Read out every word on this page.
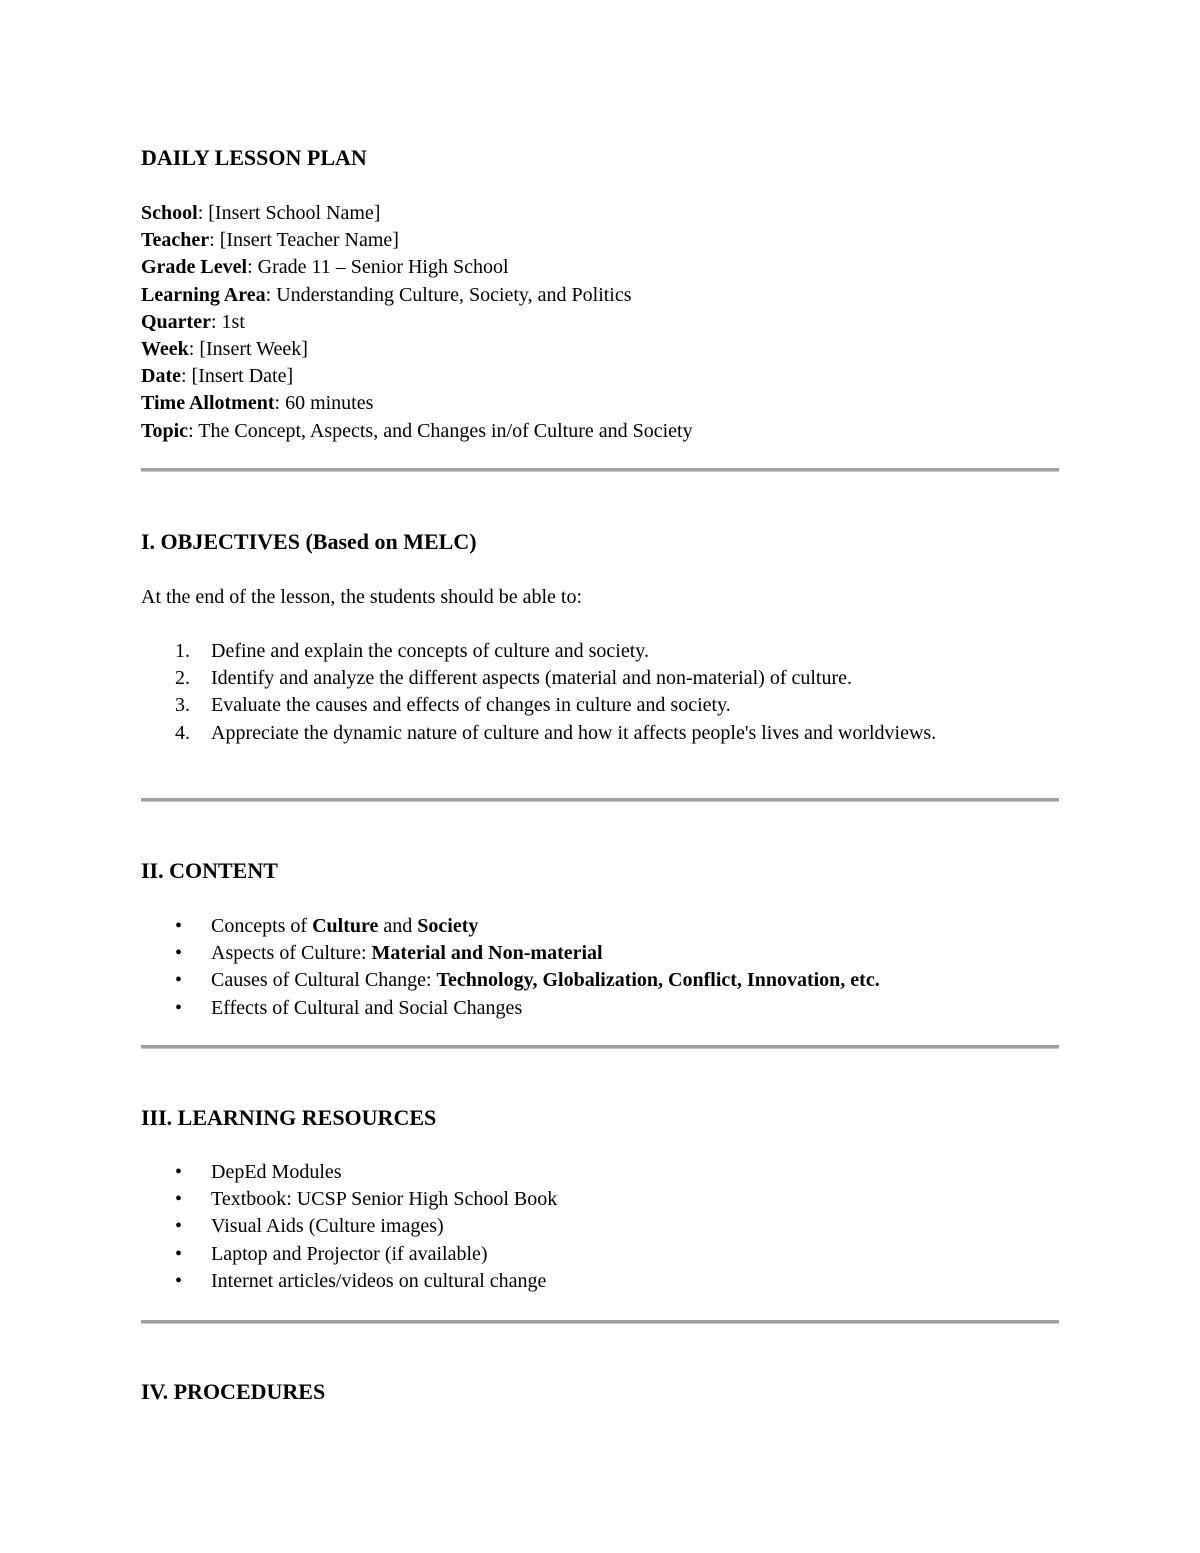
DAILY LESSON PLAN
School: [Insert School Name]
Teacher: [Insert Teacher Name]
Grade Level: Grade 11 – Senior High School
Learning Area: Understanding Culture, Society, and Politics
Quarter: 1st
Week: [Insert Week]
Date: [Insert Date]
Time Allotment: 60 minutes
Topic: The Concept, Aspects, and Changes in/of Culture and Society
I. OBJECTIVES (Based on MELC)

At the end of the lesson, the students should be able to:

1. Define and explain the concepts of culture and society.
2. Identify and analyze the different aspects (material and non-material) of culture.
3. Evaluate the causes and effects of changes in culture and society.
4. Appreciate the dynamic nature of culture and how it affects people's lives and worldviews.
II. CONTENT
• Concepts of Culture and Society
• Aspects of Culture: Material and Non-material
• Causes of Cultural Change: Technology, Globalization, Conflict, Innovation, etc.
• Effects of Cultural and Social Changes
III. LEARNING RESOURCES
• DepEd Modules
• Textbook: UCSP Senior High School Book
• Visual Aids (Culture images)
• Laptop and Projector (if available)
• Internet articles/videos on cultural change
IV. PROCEDURES
